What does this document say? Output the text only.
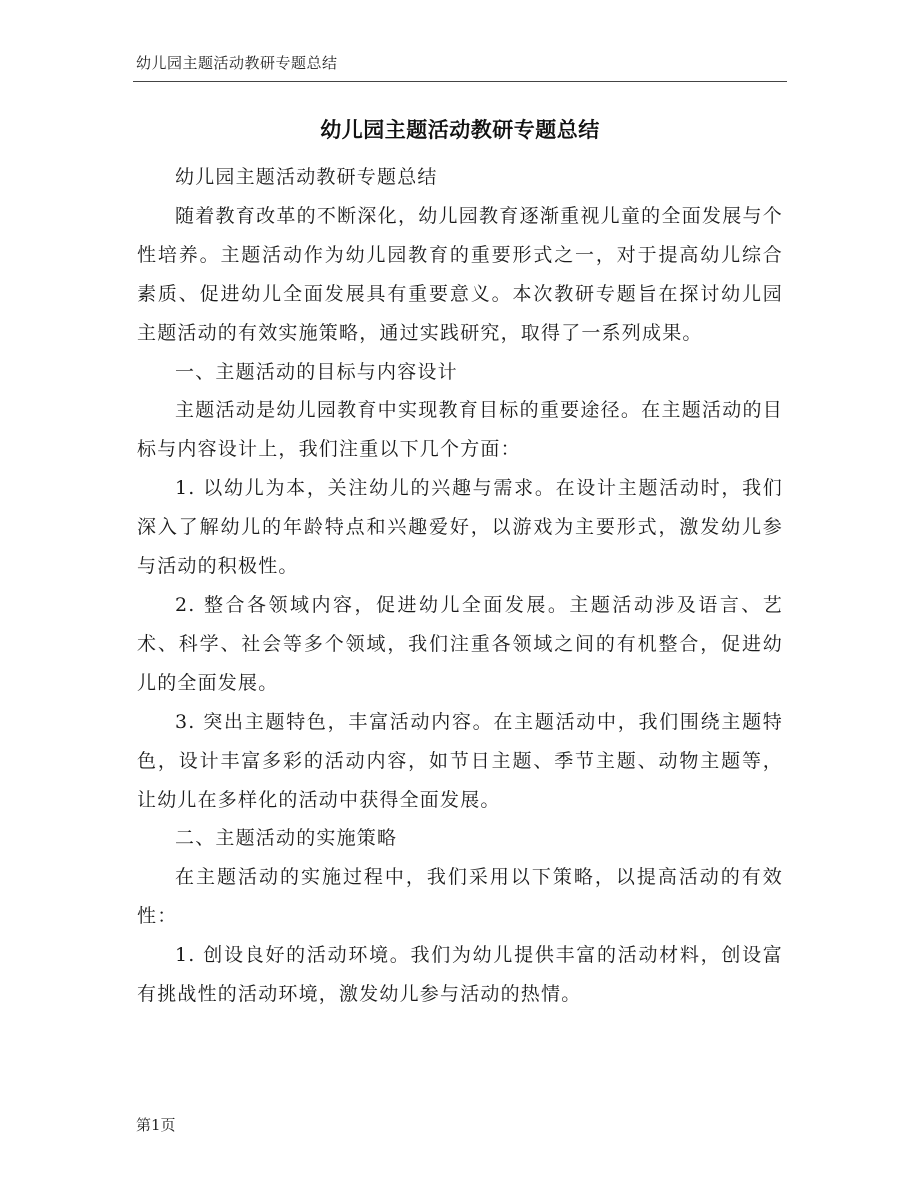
幼儿园主题活动教研专题总结
幼儿园主题活动教研专题总结

幼儿园主题活动教研专题总结

随着教育改革的不断深化，幼儿园教育逐渐重视儿童的全面发展与个性培养。主题活动作为幼儿园教育的重要形式之一，对于提高幼儿综合素质、促进幼儿全面发展具有重要意义。本次教研专题旨在探讨幼儿园主题活动的有效实施策略，通过实践研究，取得了一系列成果。

一、主题活动的目标与内容设计

主题活动是幼儿园教育中实现教育目标的重要途径。在主题活动的目标与内容设计上，我们注重以下几个方面：

1. 以幼儿为本，关注幼儿的兴趣与需求。在设计主题活动时，我们深入了解幼儿的年龄特点和兴趣爱好，以游戏为主要形式，激发幼儿参与活动的积极性。

2. 整合各领域内容，促进幼儿全面发展。主题活动涉及语言、艺术、科学、社会等多个领域，我们注重各领域之间的有机整合，促进幼儿的全面发展。

3. 突出主题特色，丰富活动内容。在主题活动中，我们围绕主题特色，设计丰富多彩的活动内容，如节日主题、季节主题、动物主题等，让幼儿在多样化的活动中获得全面发展。

二、主题活动的实施策略

在主题活动的实施过程中，我们采用以下策略，以提高活动的有效性：

1. 创设良好的活动环境。我们为幼儿提供丰富的活动材料，创设富有挑战性的活动环境，激发幼儿参与活动的热情。

第1页
